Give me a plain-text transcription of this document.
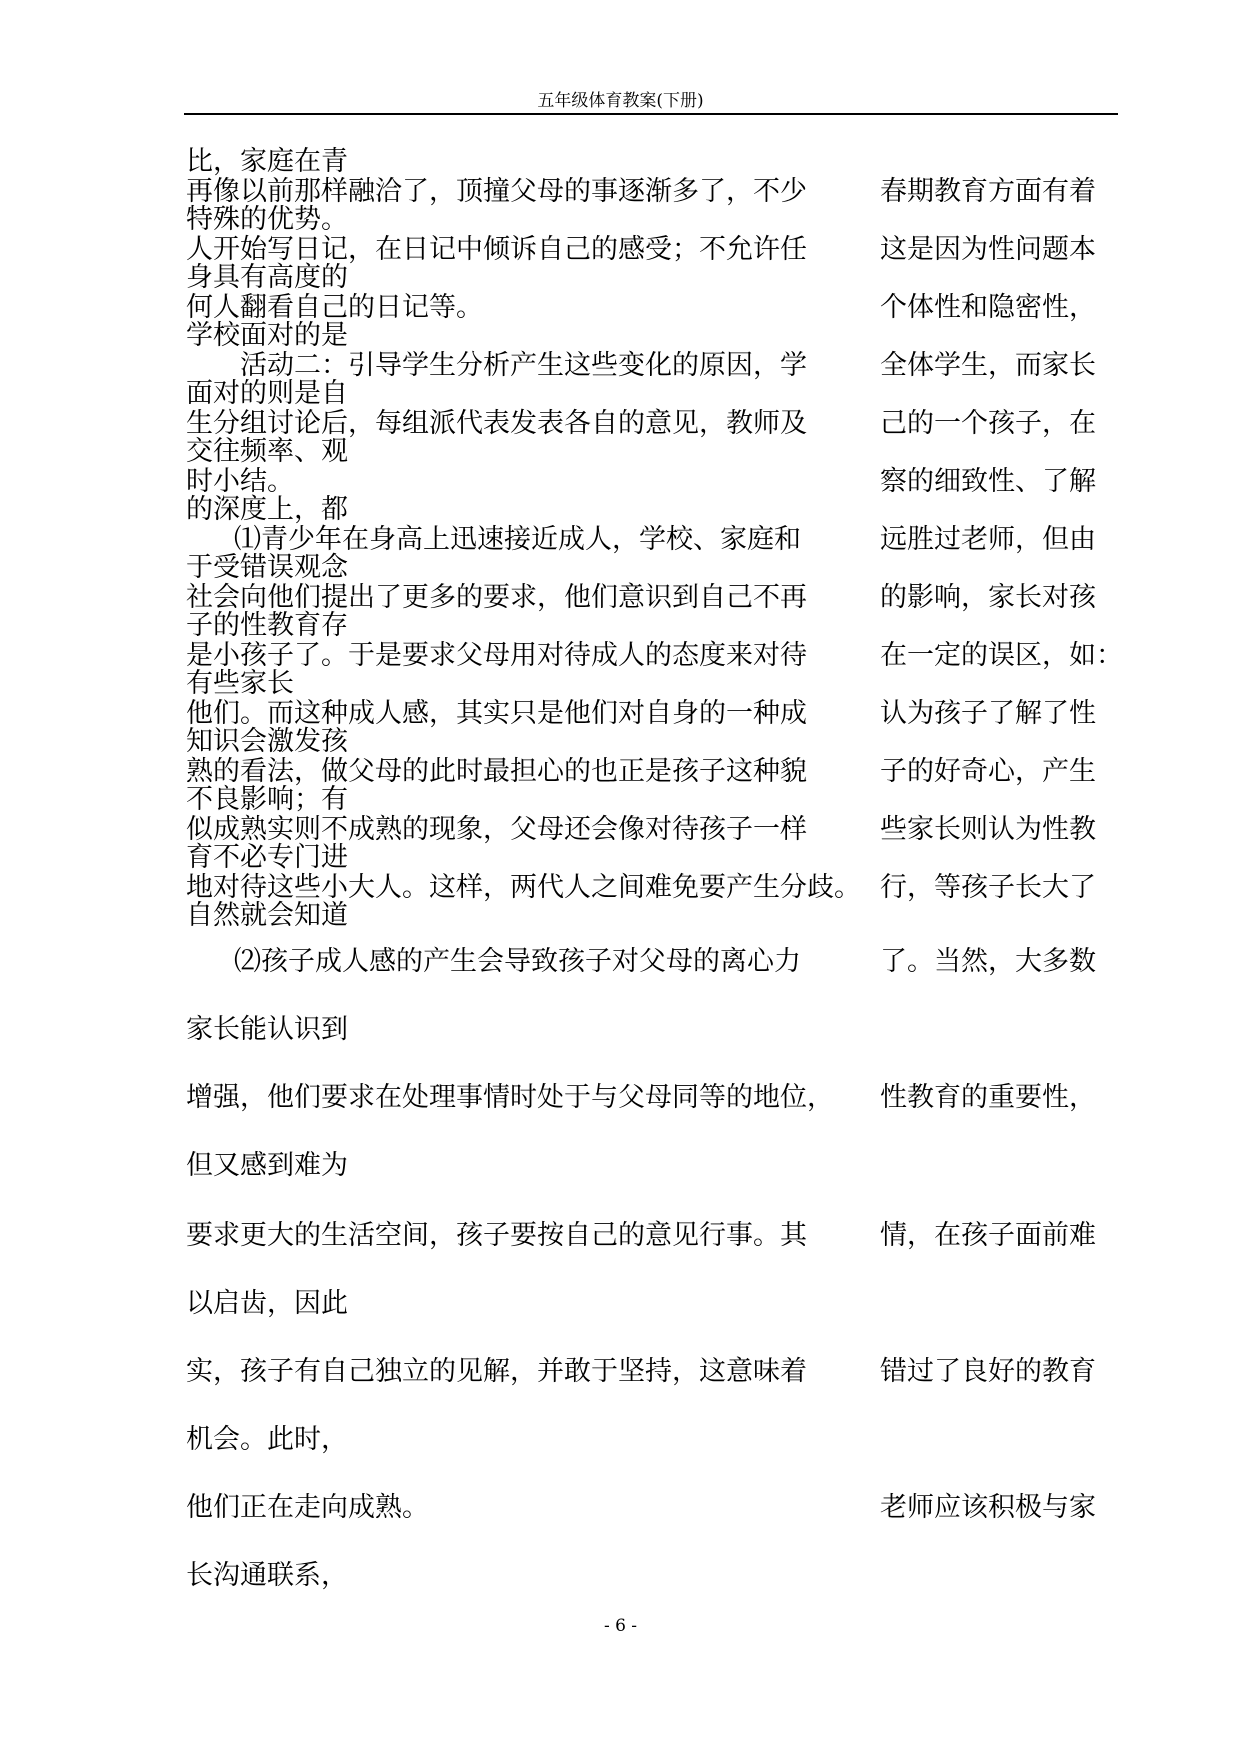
五年级体育教案(下册)
比，家庭在青
再像以前那样融洽了，顶撞父母的事逐渐多了，不少	春期教育方面有着
特殊的优势。
人开始写日记，在日记中倾诉自己的感受；不允许任	这是因为性问题本
身具有高度的
何人翻看自己的日记等。	个体性和隐密性，
学校面对的是
活动二：引导学生分析产生这些变化的原因，学	全体学生，而家长
面对的则是自
生分组讨论后，每组派代表发表各自的意见，教师及	己的一个孩子，在
交往频率、观
时小结。	察的细致性、了解
的深度上，都
⑴青少年在身高上迅速接近成人，学校、家庭和	远胜过老师，但由
于受错误观念
社会向他们提出了更多的要求，他们意识到自己不再	的影响，家长对孩
子的性教育存
是小孩子了。于是要求父母用对待成人的态度来对待	在一定的误区，如：
有些家长
他们。而这种成人感，其实只是他们对自身的一种成	认为孩子了解了性
知识会激发孩
熟的看法，做父母的此时最担心的也正是孩子这种貌	子的好奇心，产生
不良影响；有
似成熟实则不成熟的现象，父母还会像对待孩子一样	些家长则认为性教
育不必专门进
地对待这些小大人。这样，两代人之间难免要产生分歧。 行，等孩子长大了
自然就会知道
⑵孩子成人感的产生会导致孩子对父母的离心力	了。当然，大多数
家长能认识到
增强，他们要求在处理事情时处于与父母同等的地位， 性教育的重要性，
但又感到难为
要求更大的生活空间，孩子要按自己的意见行事。其	情，在孩子面前难
以启齿，因此
实，孩子有自己独立的见解，并敢于坚持，这意味着	错过了良好的教育
机会。此时，
他们正在走向成熟。	老师应该积极与家
长沟通联系，
- 6 -
